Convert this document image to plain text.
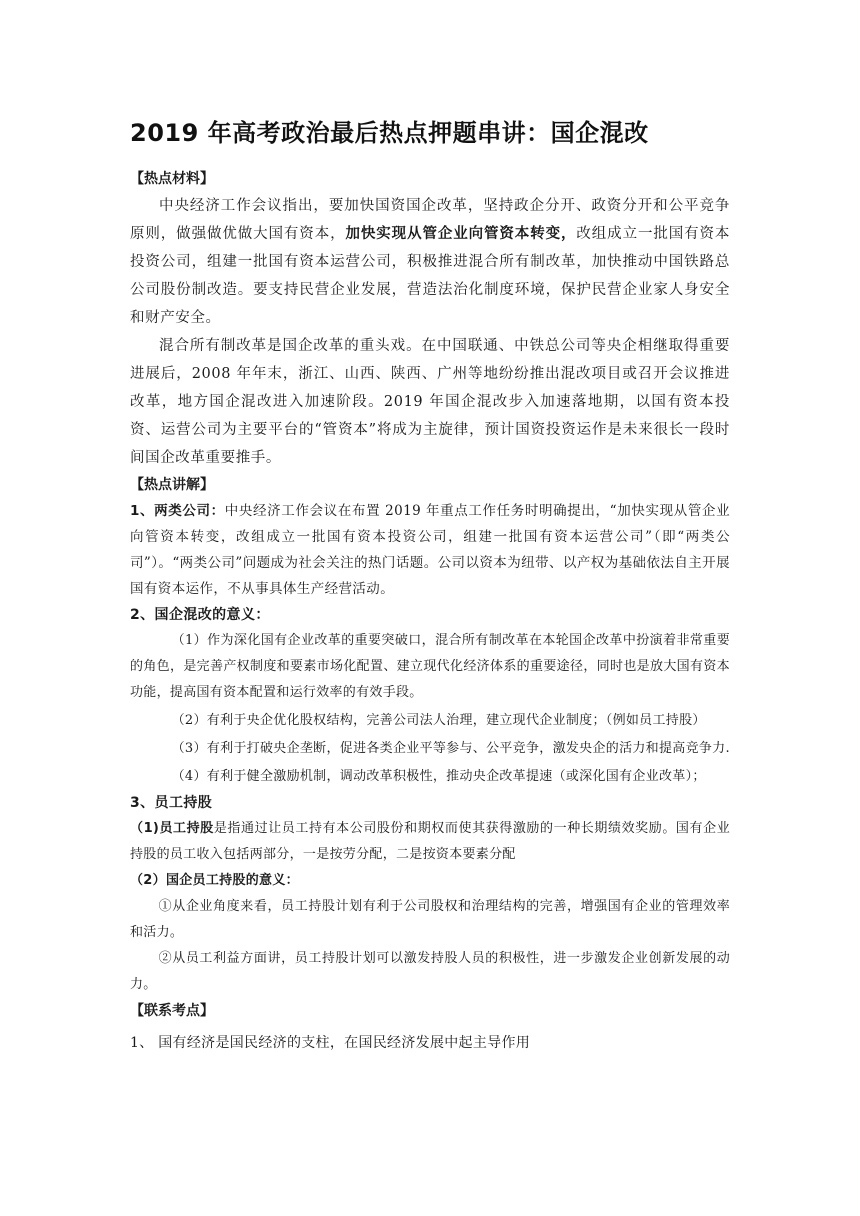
2019 年高考政治最后热点押题串讲：国企混改
【热点材料】

中央经济工作会议指出，要加快国资国企改革，坚持政企分开、政资分开和公平竞争原则，做强做优做大国有资本，加快实现从管企业向管资本转变，改组成立一批国有资本投资公司，组建一批国有资本运营公司，积极推进混合所有制改革，加快推动中国铁路总公司股份制改造。要支持民营企业发展，营造法治化制度环境，保护民营企业家人身安全和财产安全。

混合所有制改革是国企改革的重头戏。在中国联通、中铁总公司等央企相继取得重要进展后，2008 年年末，浙江、山西、陕西、广州等地纷纷推出混改项目或召开会议推进改革，地方国企混改进入加速阶段。2019 年国企混改步入加速落地期，以国有资本投资、运营公司为主要平台的“管资本”将成为主旋律，预计国资投资运作是未来很长一段时间国企改革重要推手。

【热点讲解】

1、两类公司：中央经济工作会议在布置 2019 年重点工作任务时明确提出，“加快实现从管企业向管资本转变，改组成立一批国有资本投资公司，组建一批国有资本运营公司”（即“两类公司”）。“两类公司”问题成为社会关注的热门话题。公司以资本为纽带、以产权为基础依法自主开展国有资本运作，不从事具体生产经营活动。

2、国企混改的意义：

（1）作为深化国有企业改革的重要突破口，混合所有制改革在本轮国企改革中扮演着非常重要的角色，是完善产权制度和要素市场化配置、建立现代化经济体系的重要途径，同时也是放大国有资本功能，提高国有资本配置和运行效率的有效手段。

（2）有利于央企优化股权结构，完善公司法人治理，建立现代企业制度；（例如员工持股）

（3）有利于打破央企垄断，促进各类企业平等参与、公平竞争，激发央企的活力和提高竞争力.

（4）有利于健全激励机制，调动改革积极性，推动央企改革提速（或深化国有企业改革）；

3、员工持股

（1)员工持股是指通过让员工持有本公司股份和期权而使其获得激励的一种长期绩效奖励。国有企业持股的员工收入包括两部分，一是按劳分配，二是按资本要素分配

（2）国企员工持股的意义：

①从企业角度来看，员工持股计划有利于公司股权和治理结构的完善，增强国有企业的管理效率和活力。

②从员工利益方面讲，员工持股计划可以激发持股人员的积极性，进一步激发企业创新发展的动力。

【联系考点】

1、 国有经济是国民经济的支柱，在国民经济发展中起主导作用
